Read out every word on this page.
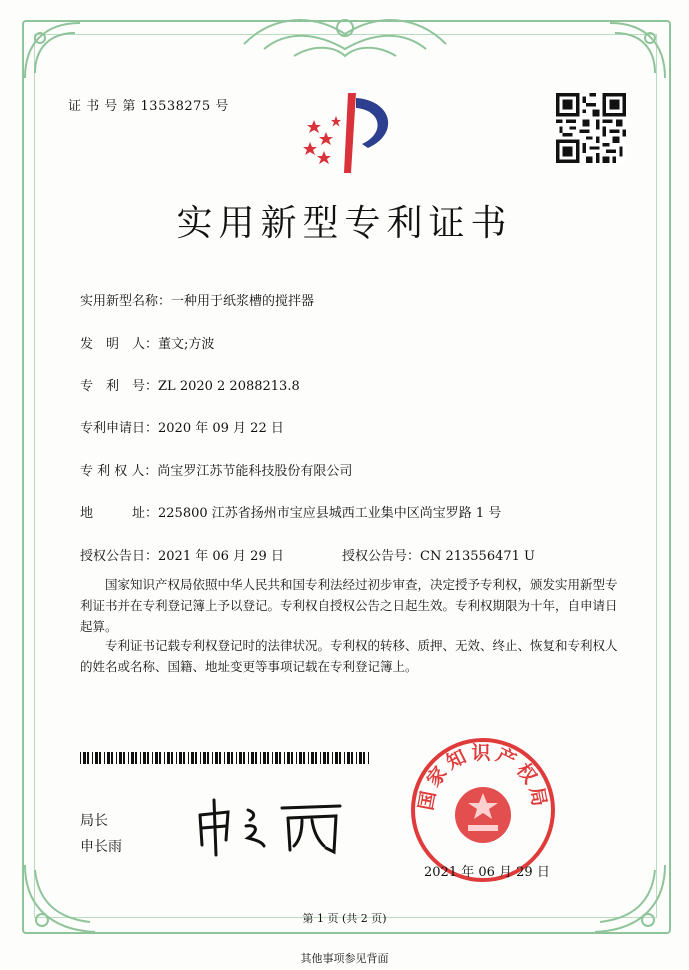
证 书 号 第 13538275 号
实用新型专利证书
实用新型名称：一种用于纸浆槽的搅拌器
发　明　人：董文;方波
专　利　号：ZL 2020 2 2088213.8
专利申请日：2020 年 09 月 22 日
专 利 权 人：尚宝罗江苏节能科技股份有限公司
地　　　址：225800 江苏省扬州市宝应县城西工业集中区尚宝罗路 1 号
授权公告日：2021 年 06 月 29 日	授权公告号：CN 213556471 U
国家知识产权局依照中华人民共和国专利法经过初步审查，决定授予专利权，颁发实用新型专利证书并在专利登记簿上予以登记。专利权自授权公告之日起生效。专利权期限为十年，自申请日起算。
专利证书记载专利权登记时的法律状况。专利权的转移、质押、无效、终止、恢复和专利权人的姓名或名称、国籍、地址变更等事项记载在专利登记簿上。
局长
申长雨
国家知识产权局
2021 年 06 月 29 日
第 1 页 (共 2 页)
其他事项参见背面
